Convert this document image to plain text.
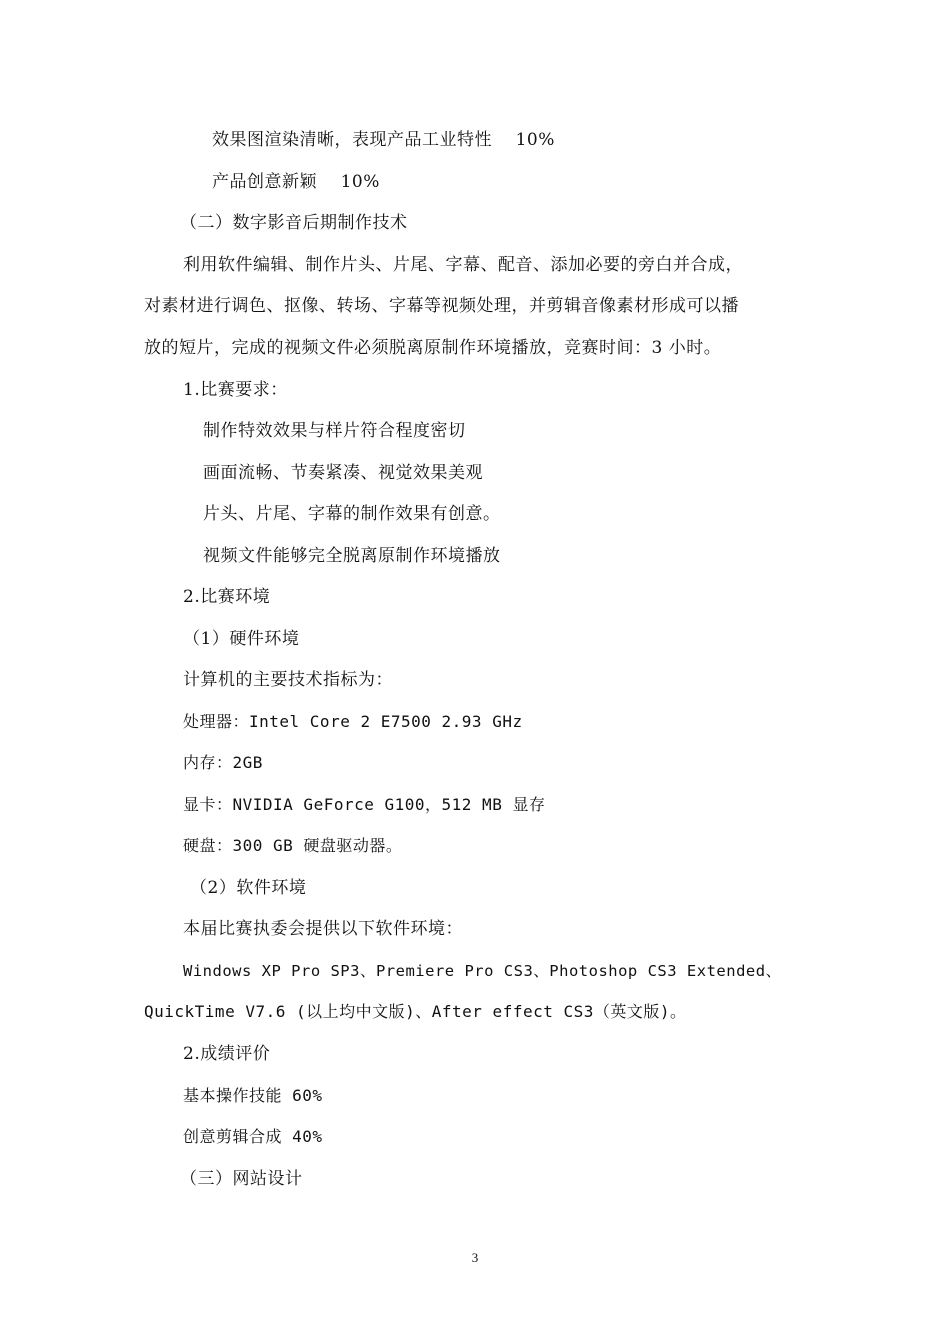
效果图渲染清晰，表现产品工业特性    10%
产品创意新颖    10%
（二）数字影音后期制作技术
利用软件编辑、制作片头、片尾、字幕、配音、添加必要的旁白并合成，
对素材进行调色、抠像、转场、字幕等视频处理，并剪辑音像素材形成可以播
放的短片，完成的视频文件必须脱离原制作环境播放，竞赛时间：3 小时。
1.比赛要求：
制作特效效果与样片符合程度密切
画面流畅、节奏紧凑、视觉效果美观
片头、片尾、字幕的制作效果有创意。
视频文件能够完全脱离原制作环境播放
2.比赛环境
（1）硬件环境
计算机的主要技术指标为：
处理器：Intel Core 2 E7500 2.93 GHz
内存：2GB
显卡：NVIDIA GeForce G100，512 MB 显存
硬盘：300 GB 硬盘驱动器。
（2）软件环境
本届比赛执委会提供以下软件环境：
Windows XP Pro SP3、Premiere Pro CS3、Photoshop CS3 Extended、
QuickTime V7.6 (以上均中文版)、After effect CS3（英文版)。
2.成绩评价
基本操作技能 60%
创意剪辑合成 40%
（三）网站设计
3
